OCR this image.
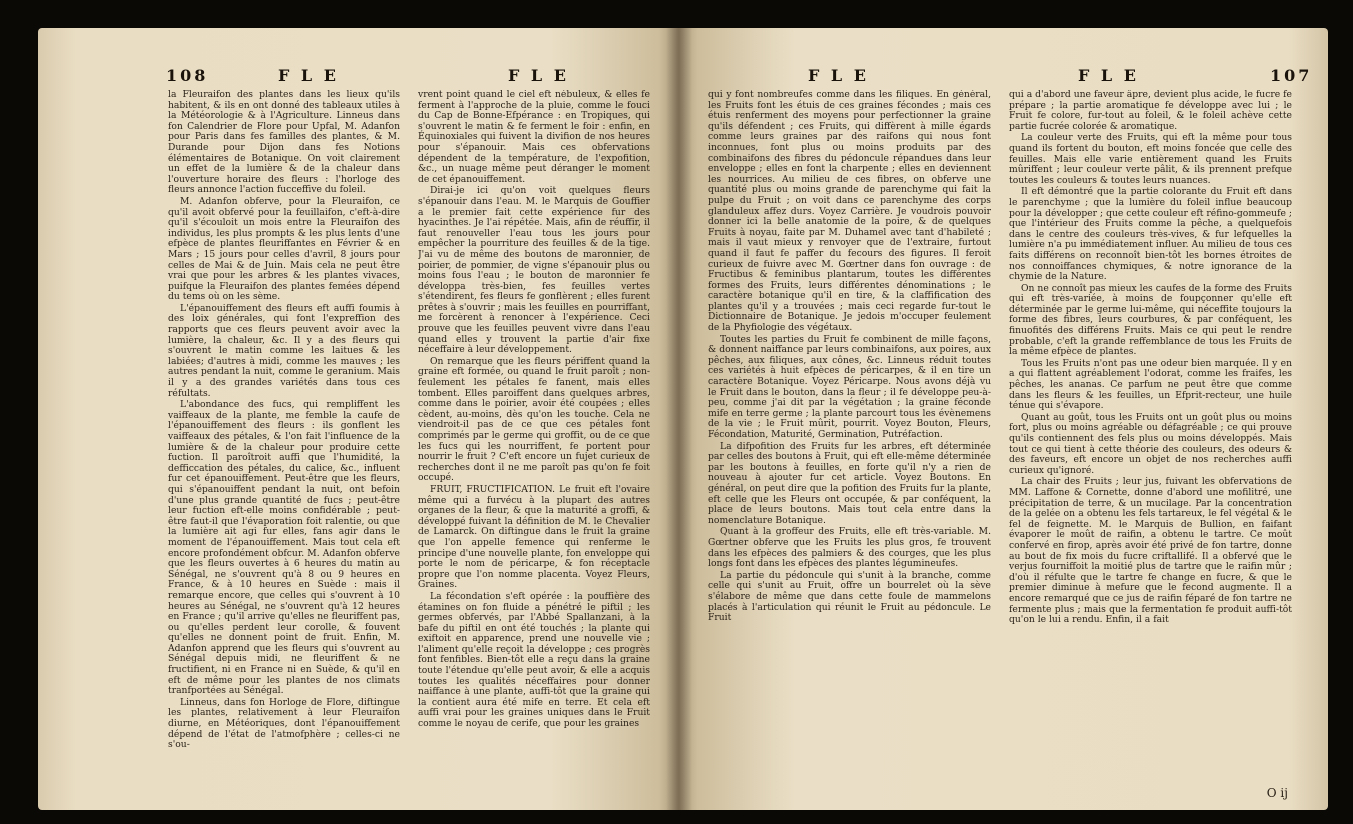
108	F L E	F L E

la Fleuraifon des plantes dans les lieux qu'ils habitent, & ils en ont donné des tableaux utiles à la Météorologie & à l'Agriculture. Linneus dans fon Calendrier de Flore pour Upfal, M. Adanfon pour Paris dans fes familles des plantes, & M. Durande pour Dijon dans fes Notions élémentaires de Botanique. On voit clairement un effet de la lumière & de la chaleur dans l'ouverture horaire des fleurs : l'horloge des fleurs annonce l'action fucceffive du foleil.

M. Adanfon obferve, pour la Fleuraifon, ce qu'il avoit obfervé pour la feuillaifon, c'eft-à-dire qu'il s'écouloit un mois entre la Fleuraifon des individus, les plus prompts & les plus lents d'une efpèce de plantes fleuriffantes en Février & en Mars ; 15 jours pour celles d'avril, 8 jours pour celles de Mai & de Juin. Mais cela ne peut être vrai que pour les arbres & les plantes vivaces, puifque la Fleuraifon des plantes femées dépend du tems où on les sème.

L'épanouiffement des fleurs eft auffi foumis à des loix générales, qui font l'expreffion des rapports que ces fleurs peuvent avoir avec la lumière, la chaleur, &c. Il y a des fleurs qui s'ouvrent le matin comme les laitues & les labiées; d'autres à midi, comme les mauves ; les autres pendant la nuit, comme le geranium. Mais il y a des grandes variétés dans tous ces réfultats.

L'abondance des fucs, qui rempliffent les vaiffeaux de la plante, me femble la caufe de l'épanouiffement des fleurs : ils gonflent les vaiffeaux des pétales, & l'on fait l'influence de la lumière & de la chaleur pour produire cette fuction. Il paroîtroit auffi que l'humidité, la defficcation des pétales, du calice, &c., influent fur cet épanouiffement. Peut-être que les fleurs, qui s'épanouiffent pendant la nuit, ont befoin d'une plus grande quantité de fucs ; peut-être leur fuction eft-elle moins confidérable ; peut-être faut-il que l'évaporation foit ralentie, ou que la lumière ait agi fur elles, fans agir dans le moment de l'épanouiffement. Mais tout cela eft encore profondément obfcur. M. Adanfon obferve que les fleurs ouvertes à 6 heures du matin au Sénégal, ne s'ouvrent qu'à 8 ou 9 heures en France, & à 10 heures en Suède : mais il remarque encore, que celles qui s'ouvrent à 10 heures au Sénégal, ne s'ouvrent qu'à 12 heures en France ; qu'il arrive qu'elles ne fleuriffent pas, ou qu'elles perdent leur corolle, & fouvent qu'elles ne donnent point de fruit. Enfin, M. Adanfon apprend que les fleurs qui s'ouvrent au Sénégal depuis midi, ne fleuriffent & ne fructifient, ni en France ni en Suède, & qu'il en eft de même pour les plantes de nos climats tranfportées au Sénégal.

Linneus, dans fon Horloge de Flore, diftingue les plantes, relativement à leur Fleuraifon diurne, en Météoriques, dont l'épanouiffement dépend de l'état de l'atmofphère ; celles-ci ne s'ou-

vrent point quand le ciel eft nébuleux, & elles fe ferment à l'approche de la pluie, comme le fouci du Cap de Bonne-Efpérance : en Tropiques, qui s'ouvrent le matin & fe ferment le foir : enfin, en Équinoxiales qui fuivent la divifion de nos heures pour s'épanouir. Mais ces obfervations dépendent de la température, de l'expofition, &c., un nuage même peut déranger le moment de cet épanouiffement.

Dirai-je ici qu'on voit quelques fleurs s'épanouir dans l'eau. M. le Marquis de Gouffier a le premier fait cette expérience fur des hyacinthes. Je l'ai répétée. Mais, afin de réuffir, il faut renouveller l'eau tous les jours pour empêcher la pourriture des feuilles & de la tige. J'ai vu de même des boutons de maronnier, de poirier, de pommier, de vigne s'épanouir plus ou moins fous l'eau ; le bouton de maronnier fe développa très-bien, fes feuilles vertes s'étendirent, fes fleurs fe gonflèrent ; elles furent prêtes à s'ouvrir ; mais les feuilles en pourriffant, me forcèrent à renoncer à l'expérience. Ceci prouve que les feuilles peuvent vivre dans l'eau quand elles y trouvent la partie d'air fixe néceffaire à leur développement.

On remarque que les fleurs périffent quand la graine eft formée, ou quand le fruit paroît ; non-feulement les pétales fe fanent, mais elles tombent. Elles paroiffent dans quelques arbres, comme dans le poirier, avoir été coupées ; elles cèdent, au-moins, dès qu'on les touche. Cela ne viendroit-il pas de ce que ces pétales font comprimés par le germe qui groffit, ou de ce que les fucs qui les nourriffent, fe portent pour nourrir le fruit ? C'eft encore un fujet curieux de recherches dont il ne me paroît pas qu'on fe foit occupé.

FRUIT, FRUCTIFICATION. Le fruit eft l'ovaire même qui a furvécu à la plupart des autres organes de la fleur, & que la maturité a groffi, & développé fuivant la définition de M. le Chevalier de Lamarck. On diftingue dans le fruit la graine que l'on appelle femence qui renferme le principe d'une nouvelle plante, fon enveloppe qui porte le nom de péricarpe, & fon réceptacle propre que l'on nomme placenta. Voyez Fleurs, Graines.

La fécondation s'eft opérée : la pouffière des étamines on fon fluide a pénétré le piftil ; les germes obfervés, par l'Abbé Spallanzani, à la bafe du piftil en ont été touchés ; la plante qui exiftoit en apparence, prend une nouvelle vie ; l'aliment qu'elle reçoit la développe ; ces progrès font fenfibles. Bien-tôt elle a reçu dans la graine toute l'étendue qu'elle peut avoir, & elle a acquis toutes les qualités néceffaires pour donner naiffance à une plante, auffi-tôt que la graine qui la contient aura été mife en terre. Et cela eft auffi vrai pour les graines uniques dans le Fruit comme le noyau de cerife, que pour les graines

F L E	F L E	107

qui y font nombreufes comme dans les filiques. En général, les Fruits font les étuis de ces graines fécondes ; mais ces étuis renferment des moyens pour perfectionner la graine qu'ils défendent ; ces Fruits, qui diffèrent à mille égards comme leurs graines par des raifons qui nous font inconnues, font plus ou moins produits par des combinaifons des fibres du pédoncule répandues dans leur enveloppe ; elles en font la charpente ; elles en deviennent les nourrices. Au milieu de ces fibres, on obferve une quantité plus ou moins grande de parenchyme qui fait la pulpe du Fruit ; on voit dans ce parenchyme des corps glanduleux affez durs. Voyez Carrière. Je voudrois pouvoir donner ici la belle anatomie de la poire, & de quelques Fruits à noyau, faite par M. Duhamel avec tant d'habileté ; mais il vaut mieux y renvoyer que de l'extraire, furtout quand il faut fe paffer du fecours des figures. Il feroit curieux de fuivre avec M. Gœrtner dans fon ouvrage : de Fructibus & feminibus plantarum, toutes les différentes formes des Fruits, leurs différentes dénominations ; le caractère botanique qu'il en tire, & la claffification des plantes qu'il y a trouvées ; mais ceci regarde fur-tout le Dictionnaire de Botanique. Je jedois m'occuper feulement de la Phyfiologie des végétaux.

Toutes les parties du Fruit fe combinent de mille façons, & donnent naiffance par leurs combinaifons, aux poires, aux pêches, aux filiques, aux cônes, &c. Linneus réduit toutes ces variétés à huit efpèces de péricarpes, & il en tire un caractère Botanique. Voyez Péricarpe. Nous avons déjà vu le Fruit dans le bouton, dans la fleur ; il fe développe peu-à-peu, comme j'ai dit par la végétation ; la graine féconde mife en terre germe ; la plante parcourt tous les évènemens de la vie ; le Fruit mûrit, pourrit. Voyez Bouton, Fleurs, Fécondation, Maturité, Germination, Putréfaction.

La difpofition des Fruits fur les arbres, eft déterminée par celles des boutons à Fruit, qui eft elle-même déterminée par les boutons à feuilles, en forte qu'il n'y a rien de nouveau à ajouter fur cet article. Voyez Boutons. En général, on peut dire que la pofition des Fruits fur la plante, eft celle que les Fleurs ont occupée, & par conféquent, la place de leurs boutons. Mais tout cela entre dans la nomenclature Botanique.

Quant à la groffeur des Fruits, elle eft très-variable. M. Gœrtner obferve que les Fruits les plus gros, fe trouvent dans les efpèces des palmiers & des courges, que les plus longs font dans les efpèces des plantes légumineufes.

La partie du pédoncule qui s'unit à la branche, comme celle qui s'unit au Fruit, offre un bourrelet où la sève s'élabore de même que dans cette foule de mammelons placés à l'articulation qui réunit le Fruit au pédoncule. Le Fruit

qui a d'abord une faveur âpre, devient plus acide, le fucre fe prépare ; la partie aromatique fe développe avec lui ; le Fruit fe colore, fur-tout au foleil, & le foleil achève cette partie fucrée colorée & aromatique.

La couleur verte des Fruits, qui eft la même pour tous quand ils fortent du bouton, eft moins foncée que celle des feuilles. Mais elle varie entièrement quand les Fruits mûriffent ; leur couleur verte pâlit, & ils prennent prefque toutes les couleurs & toutes leurs nuances.

Il eft démontré que la partie colorante du Fruit eft dans le parenchyme ; que la lumière du foleil influe beaucoup pour la développer ; que cette couleur eft réfino-gommeufe ; que l'intérieur des Fruits comme la pêche, a quelquefois dans le centre des couleurs très-vives, & fur lefquelles la lumière n'a pu immédiatement influer. Au milieu de tous ces faits différens on reconnoît bien-tôt les bornes étroites de nos connoiffances chymiques, & notre ignorance de la chymie de la Nature.

On ne connoît pas mieux les caufes de la forme des Fruits qui eft très-variée, à moins de foupçonner qu'elle eft déterminée par le germe lui-même, qui néceffite toujours la forme des fibres, leurs courbures, & par conféquent, les finuofités des différens Fruits. Mais ce qui peut le rendre probable, c'eft la grande reffemblance de tous les Fruits de la même efpèce de plantes.

Tous les Fruits n'ont pas une odeur bien marquée. Il y en a qui flattent agréablement l'odorat, comme les fraifes, les pêches, les ananas. Ce parfum ne peut être que comme dans les fleurs & les feuilles, un Efprit-recteur, une huile ténue qui s'évapore.

Quant au goût, tous les Fruits ont un goût plus ou moins fort, plus ou moins agréable ou défagréable ; ce qui prouve qu'ils contiennent des fels plus ou moins développés. Mais tout ce qui tient à cette théorie des couleurs, des odeurs & des faveurs, eft encore un objet de nos recherches auffi curieux qu'ignoré.

La chair des Fruits ; leur jus, fuivant les obfervations de MM. Laffone & Cornette, donne d'abord une mofilitré, une précipitation de terre, & un mucilage. Par la concentration de la gelée on a obtenu les fels tartareux, le fel végétal & le fel de feignette. M. le Marquis de Bullion, en faifant évaporer le moût de raifin, a obtenu le tartre. Ce moût confervé en firop, après avoir été privé de fon tartre, donne au bout de fix mois du fucre criftallifé. Il a obfervé que le verjus fourniffoit la moitié plus de tartre que le raifin mûr ; d'où il réfulte que le tartre fe change en fucre, & que le premier diminue à mefure que le fecond augmente. Il a encore remarqué que ce jus de raifin féparé de fon tartre ne fermente plus ; mais que la fermentation fe produit auffi-tôt qu'on le lui a rendu. Enfin, il a fait

O ij
